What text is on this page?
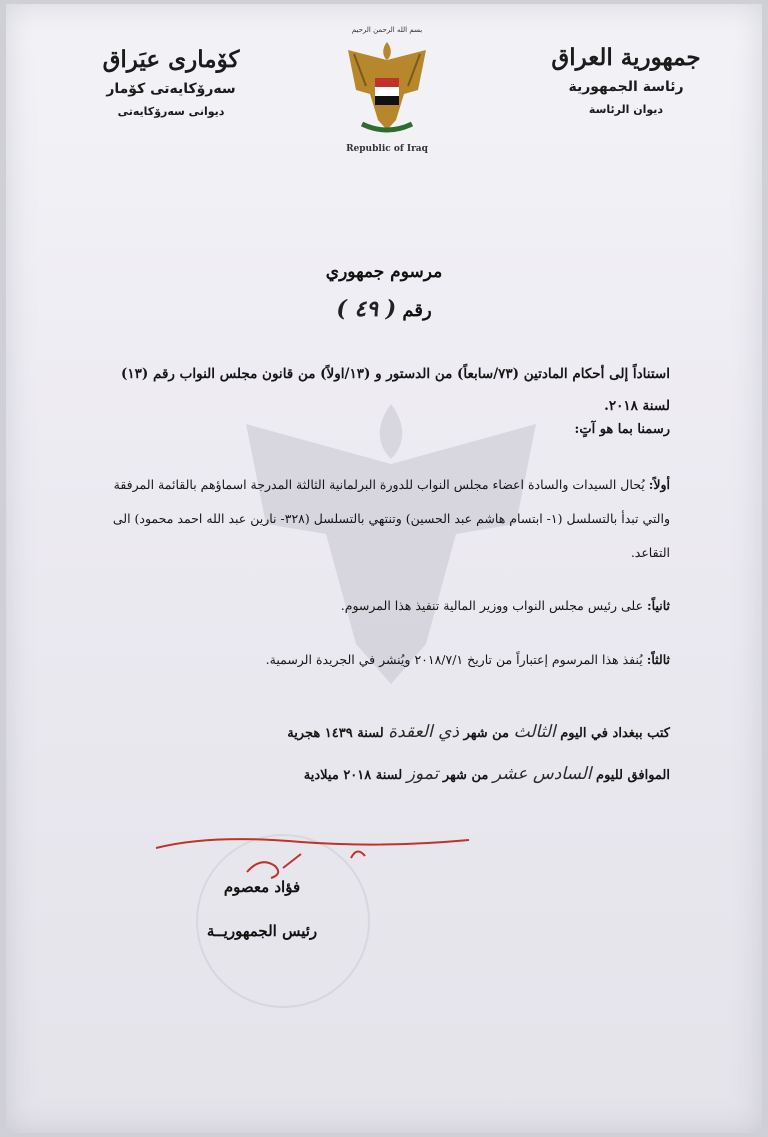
جمهورية العراق
رئاسة الجمهورية
ديوان الرئاسة
كۆمارى عيَراق
سەرۆكايەتى كۆمار
ديوانى سەرۆكايەتى
بسم الله الرحمن الرحيم
Republic of Iraq
مرسوم جمهوري
رقم ( ٤٩ )
استناداً إلى أحكام المادتين (٧٣/سابعاً) من الدستور و (١٣/اولاً) من قانون مجلس النواب رقم (١٣) لسنة ٢٠١٨.
رسمنا بما هو آتٍ:
أولاً: يُحال السيدات والسادة اعضاء مجلس النواب للدورة البرلمانية الثالثة المدرجة اسماؤهم بالقائمة المرفقة والتي تبدأ بالتسلسل (١- ابتسام هاشم عبد الحسين) وتنتهي بالتسلسل (٣٢٨- نارين عبد الله احمد محمود) الى التقاعد.
ثانياً: على رئيس مجلس النواب ووزير المالية تنفيذ هذا المرسوم.
ثالثاً: يُنفذ هذا المرسوم إعتباراً من تاريخ ٢٠١٨/٧/١ ويُنشر في الجريدة الرسمية.
كتب ببغداد في اليوم الثالث من شهر ذي العقدة لسنة ١٤٣٩ هجرية
الموافق لليوم السادس عشر من شهر تموز لسنة ٢٠١٨ ميلادية
فؤاد معصوم
رئيس الجمهوريــة
